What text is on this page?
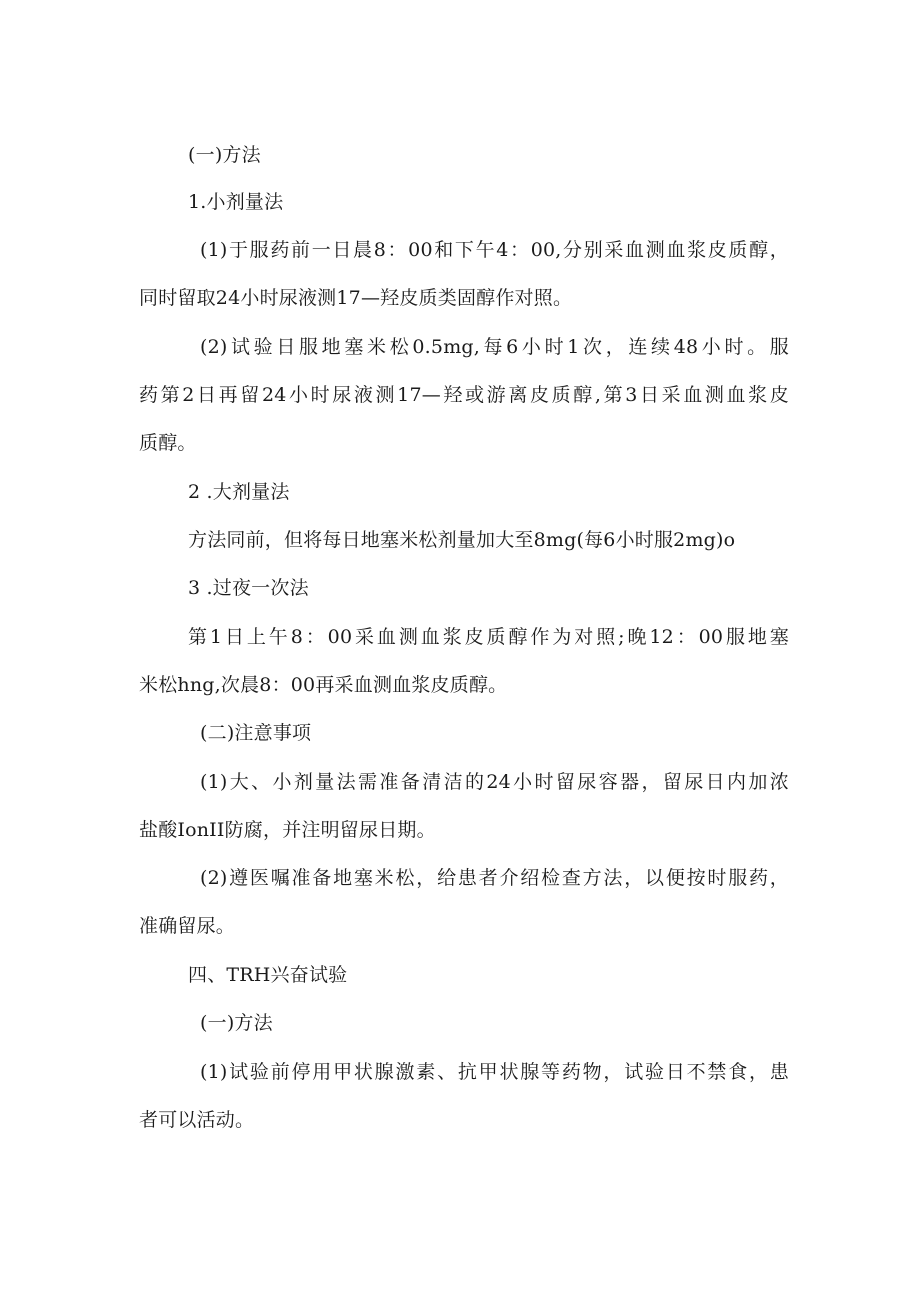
(一)方法
1.小剂量法
(1)于服药前一日晨8：00和下午4：00,分别采血测血浆皮质醇，
同时留取24小时尿液测17—羟皮质类固醇作对照。
(2)试验日服地塞米松0.5mg,每6小时1次，连续48小时。服
药第2日再留24小时尿液测17—羟或游离皮质醇,第3日采血测血浆皮
质醇。
2 .大剂量法
方法同前，但将每日地塞米松剂量加大至8mg(每6小时服2mg)o
3 .过夜一次法
第1日上午8：00采血测血浆皮质醇作为对照;晚12：00服地塞
米松hng,次晨8：00再采血测血浆皮质醇。
(二)注意事项
(1)大、小剂量法需准备清洁的24小时留尿容器，留尿日内加浓
盐酸IonII防腐，并注明留尿日期。
(2)遵医嘱准备地塞米松，给患者介绍检查方法，以便按时服药，
准确留尿。
四、TRH兴奋试验
(一)方法
(1)试验前停用甲状腺激素、抗甲状腺等药物，试验日不禁食，患
者可以活动。
